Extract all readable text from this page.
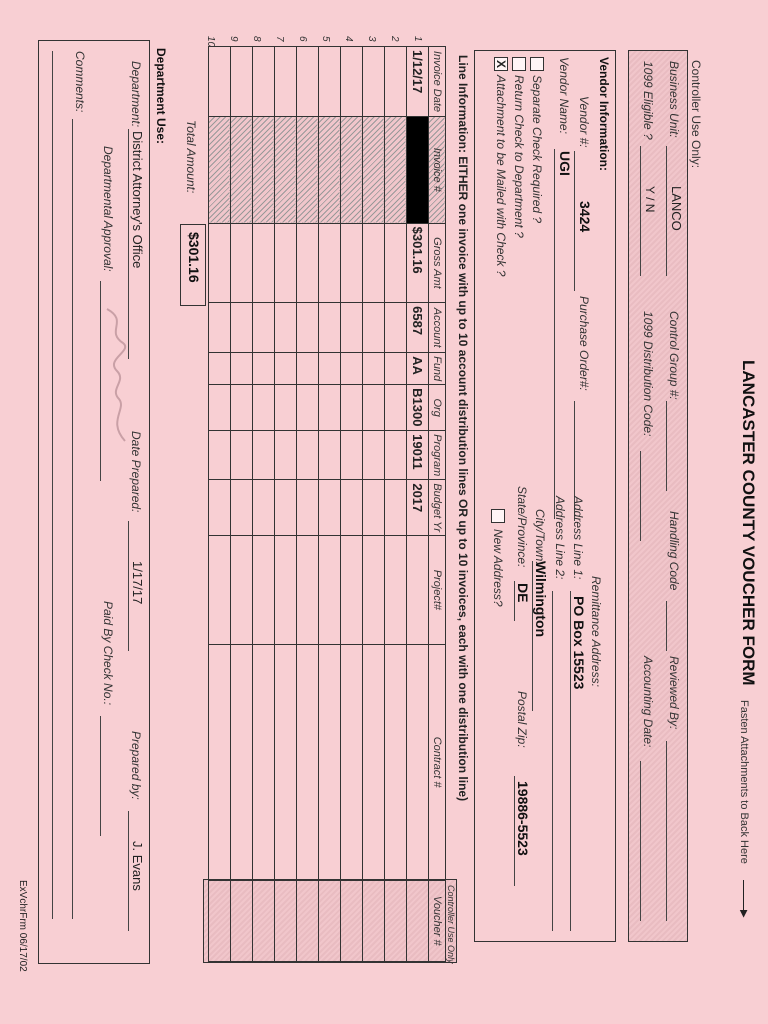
LANCASTER COUNTY VOUCHER FORM
Fasten Attachments to Back Here
▶
Controller Use Only:
Business Unit:
LANCO
Control Group #:
Handling Code
Reviewed By:
1099 Eligible ?
Y / N
1099 Distribution Code:
Accounting Date:
Vendor Information:
Vendor #:
3424
Purchase Order#:
Vendor Name:
UGI
Separate Check Required ?
Return Check to Department ?
X
Attachment to be Mailed with Check ?
Remittance Address:
Address Line 1:
PO Box 15523
Address Line 2:
City/Town:
Wilmington
State/Province:
DE
Postal Zip:
19886-5523
New Address?
Line Information: EITHER one invoice with up to 10 account distribution lines OR up to 10 invoices, each with one distribution line)
Controller Use Only
Invoice Date	Invoice #	Gross Amt	Account	Fund	Org	Program	Budget Yr	Project#	Contract #	Voucher #
1/12/17		$301.16	6587	AA	B1300	19011	2017			

1
2
3
4
5
6
7
8
9
10
Total Amount:
$301.16
Department Use:
Department:
District Attorney's Office
Date Prepared:
1/17/17
Prepared by:
J. Evans
Departmental Approval:
Paid By Check No.:
Comments:
ExVchrFrm 06/17/02
